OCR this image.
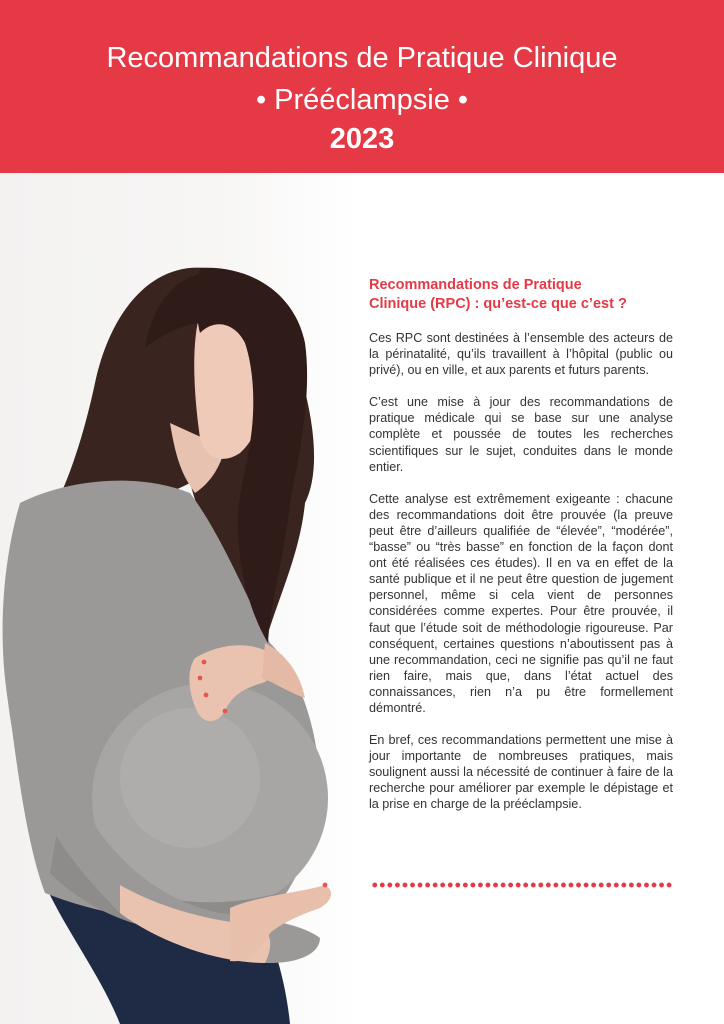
Recommandations de Pratique Clinique
• Prééclampsie •
2023
Recommandations de Pratique
Clinique (RPC) : qu’est-ce que c’est ?

Ces RPC sont destinées à l’ensemble des acteurs de la périnatalité, qu’ils travaillent à l’hôpital (public ou privé), ou en ville, et aux parents et futurs parents.

C’est une mise à jour des recommandations de pratique médicale qui se base sur une analyse complète et poussée de toutes les recherches scientifiques sur le sujet, conduites dans le monde entier.

Cette analyse est extrêmement exigeante : chacune des recommandations doit être prouvée (la preuve peut être d’ailleurs qualifiée de “élevée”, “modérée”, “basse” ou “très basse” en fonction de la façon dont ont été réalisées ces études). Il en va en effet de la santé publique et il ne peut être question de jugement personnel, même si cela vient de personnes considérées comme expertes. Pour être prouvée, il faut que l’étude soit de méthodologie rigoureuse. Par conséquent, certaines questions n’aboutissent pas à une recommandation, ceci ne signifie pas qu’il ne faut rien faire, mais que, dans l’état actuel des connaissances, rien n’a pu être formellement démontré.

En bref, ces recommandations permettent une mise à jour importante de nombreuses pratiques, mais soulignent aussi la nécessité de continuer à faire de la recherche pour améliorer par exemple le dépistage et la prise en charge de la prééclampsie.
